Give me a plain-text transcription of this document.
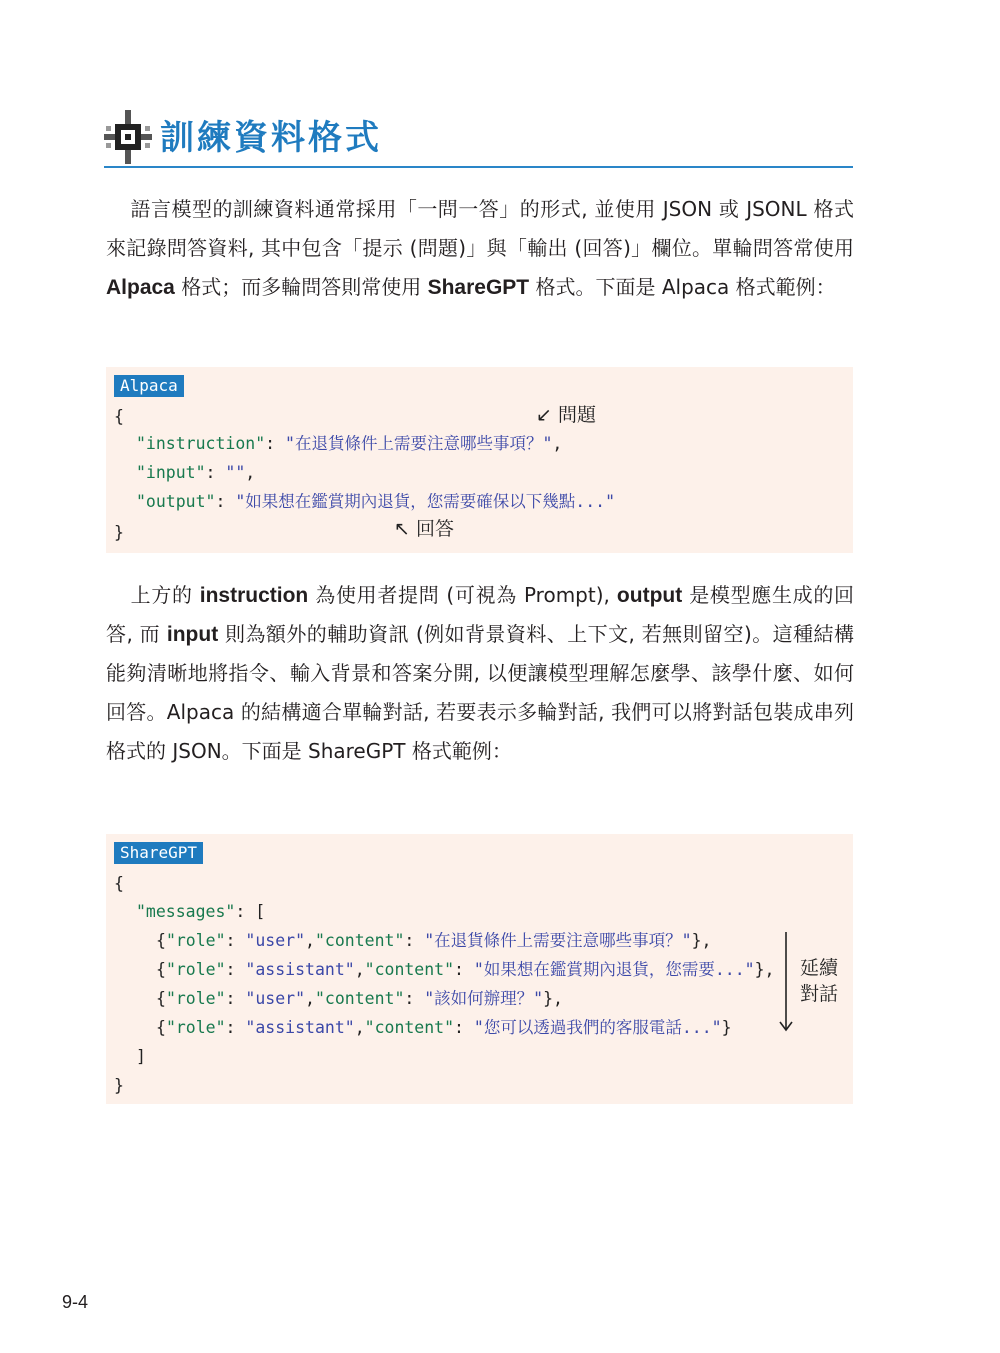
訓練資料格式

語言模型的訓練資料通常採用「一問一答」的形式, 並使用 JSON 或 JSONL 格式來記錄問答資料, 其中包含「提示 (問題)」與「輸出 (回答)」欄位。單輪問答常使用 Alpaca 格式；而多輪問答則常使用 ShareGPT 格式。下面是 Alpaca 格式範例：

Alpaca
{
"instruction": "在退貨條件上需要注意哪些事項？",
"input": "",
"output": "如果想在鑑賞期內退貨，您需要確保以下幾點..."
}
↙ 問題
↖ 回答

上方的 instruction 為使用者提問 (可視為 Prompt), output 是模型應生成的回答, 而 input 則為額外的輔助資訊 (例如背景資料、上下文, 若無則留空)。這種結構能夠清晰地將指令、輸入背景和答案分開, 以便讓模型理解怎麼學、該學什麼、如何回答。Alpaca 的結構適合單輪對話, 若要表示多輪對話, 我們可以將對話包裝成串列格式的 JSON。下面是 ShareGPT 格式範例：

ShareGPT
{
"messages": [
{"role": "user","content": "在退貨條件上需要注意哪些事項？"},
{"role": "assistant","content": "如果想在鑑賞期內退貨，您需要..."},
{"role": "user","content": "該如何辦理？"},
{"role": "assistant","content": "您可以透過我們的客服電話..."}
]
}
延續
對話
9-4
